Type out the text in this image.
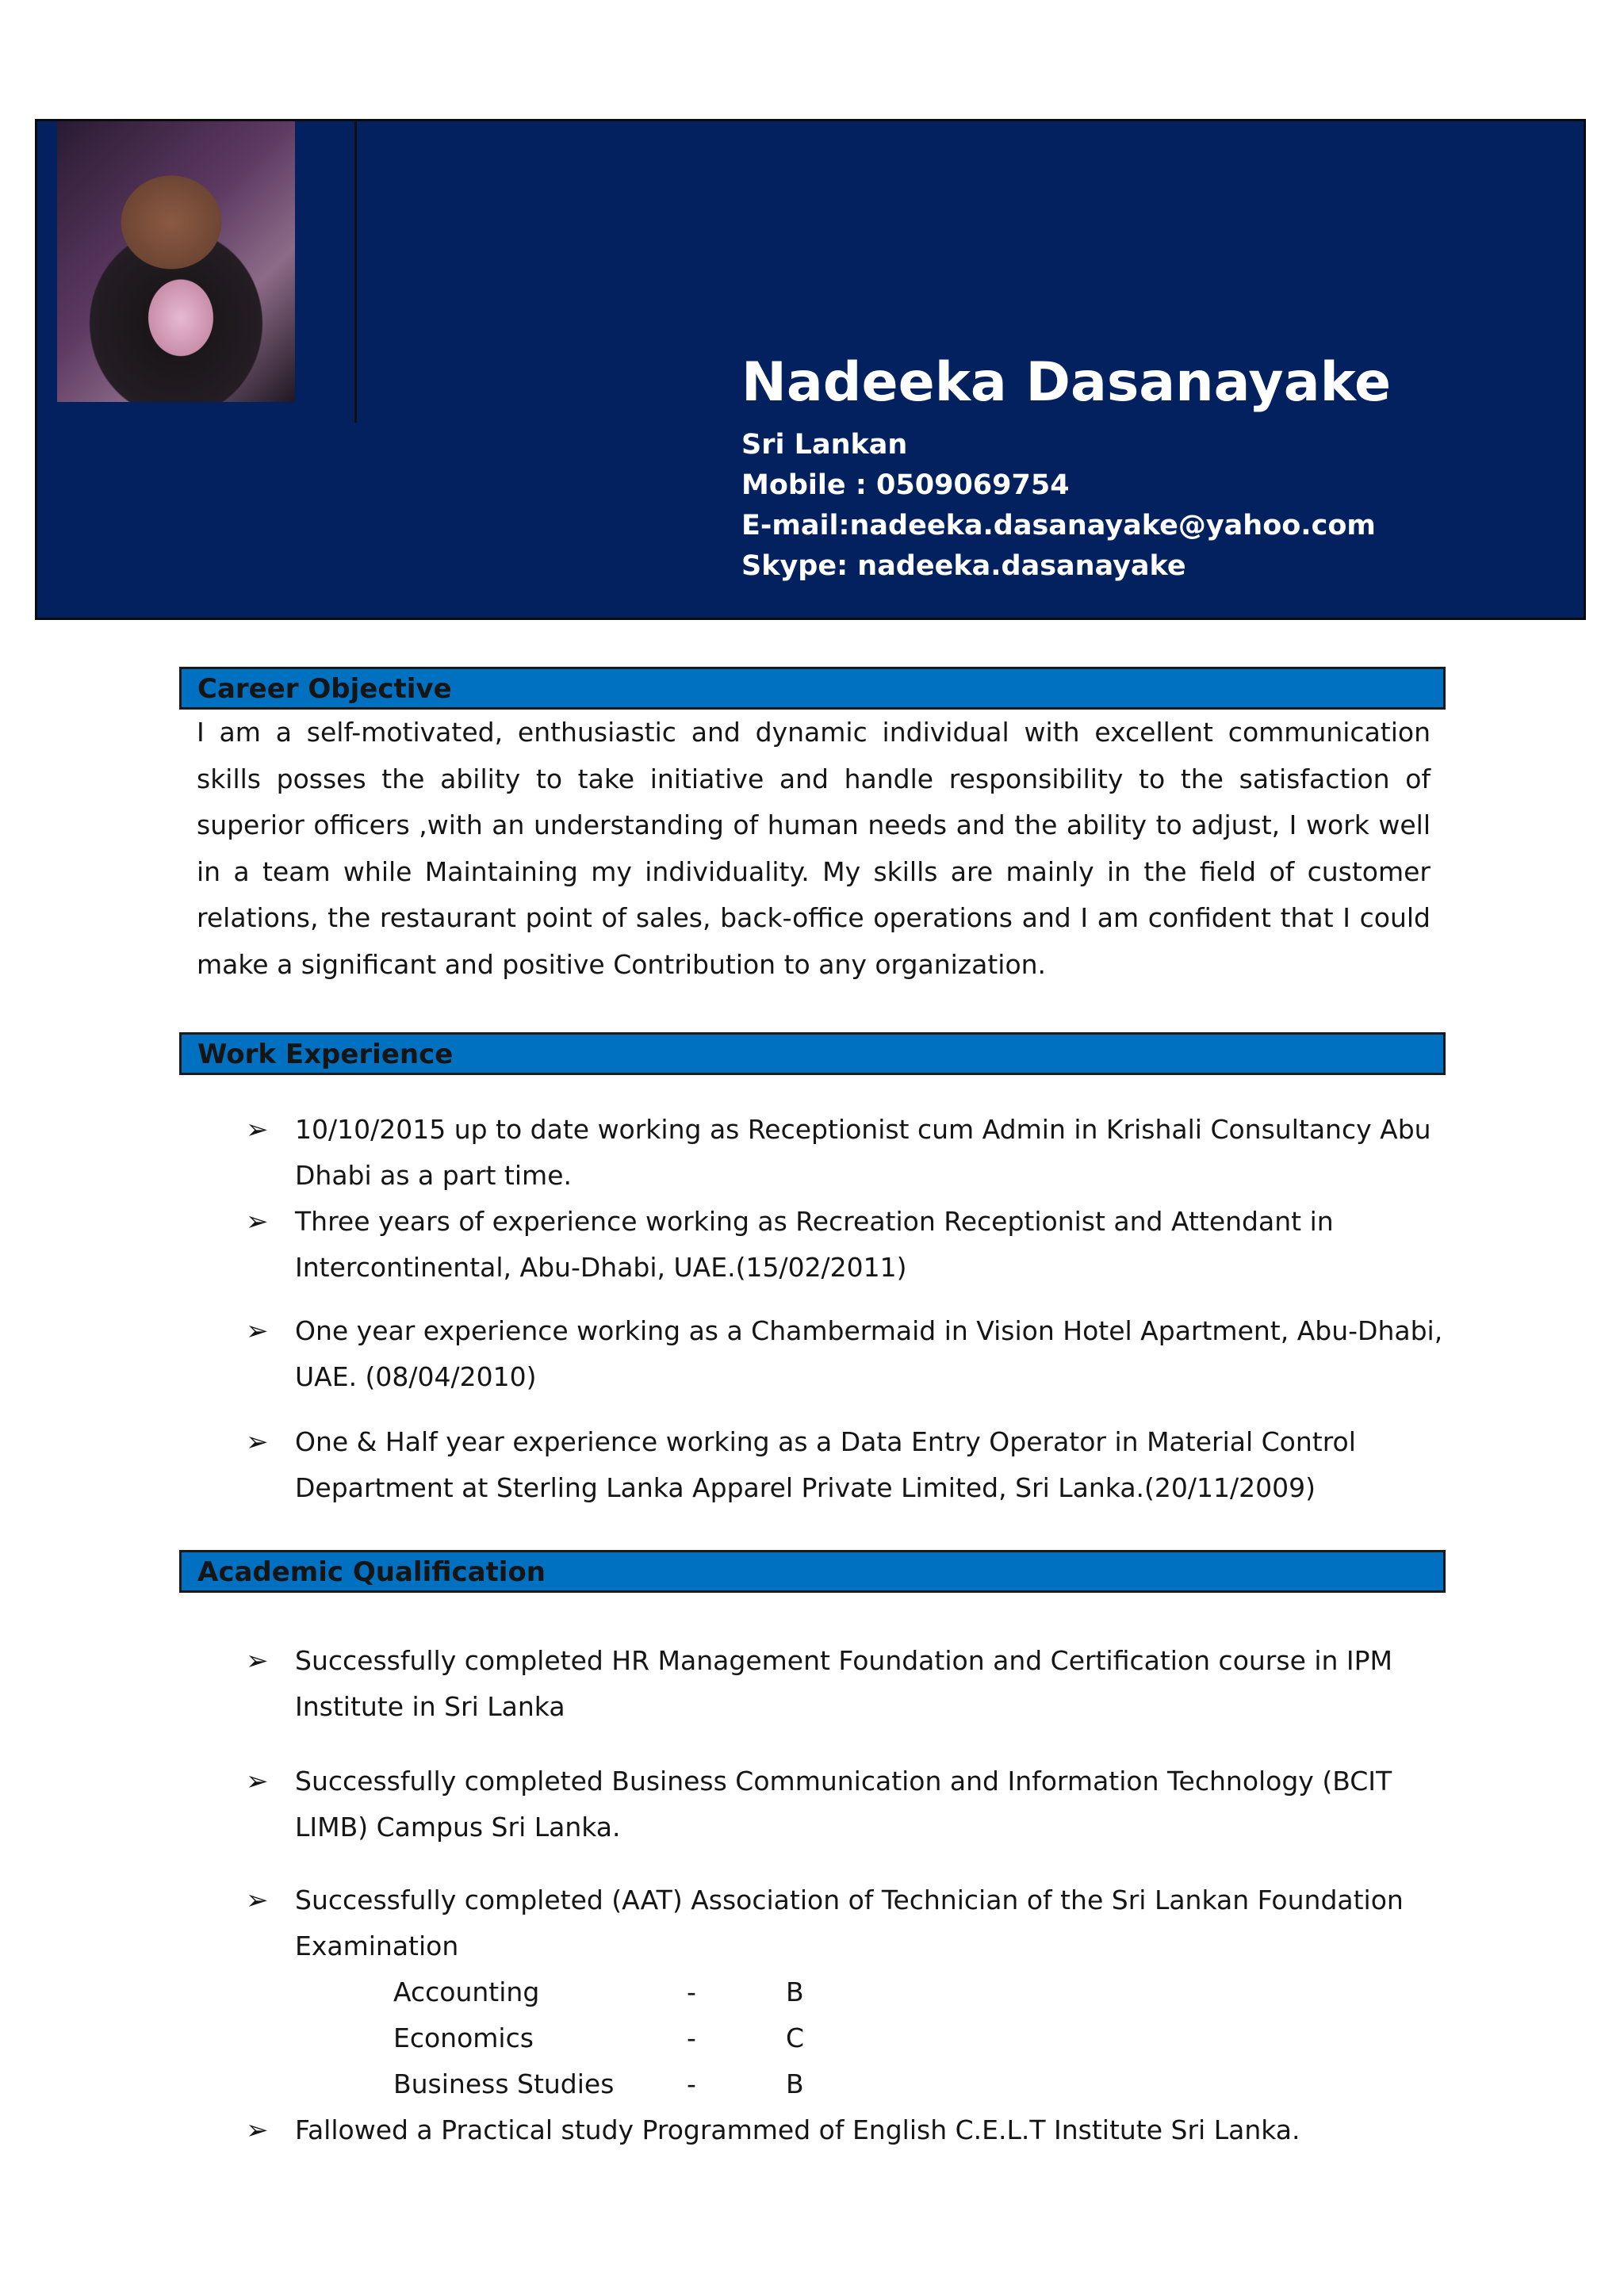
Nadeeka Dasanayake
Sri Lankan
Mobile : 0509069754
E-mail:nadeeka.dasanayake@yahoo.com
Skype: nadeeka.dasanayake
Career Objective
I am a self-motivated, enthusiastic and dynamic individual with excellent communication skills posses the ability to take initiative and handle responsibility to the satisfaction of superior officers ,with an understanding of human needs and the ability to adjust, I work well in a team while Maintaining my individuality. My skills are mainly in the field of customer relations, the restaurant point of sales, back-office operations and I am confident that I could make a significant and positive Contribution to any organization.
Work Experience
➢ 10/10/2015 up to date working as Receptionist cum Admin in Krishali Consultancy Abu Dhabi as a part time.
➢ Three years of experience working as Recreation Receptionist and Attendant in Intercontinental, Abu-Dhabi, UAE.(15/02/2011)
➢ One year experience working as a Chambermaid in Vision Hotel Apartment, Abu-Dhabi, UAE. (08/04/2010)
➢ One & Half year experience working as a Data Entry Operator in Material Control Department at Sterling Lanka Apparel Private Limited, Sri Lanka.(20/11/2009)
Academic Qualification
➢ Successfully completed HR Management Foundation and Certification course in IPM Institute in Sri Lanka
➢ Successfully completed Business Communication and Information Technology (BCIT LIMB) Campus Sri Lanka.
➢ Successfully completed (AAT) Association of Technician of the Sri Lankan Foundation Examination
Accounting	-	B
Economics	-	C
Business Studies	-	B
➢ Fallowed a Practical study Programmed of English C.E.L.T Institute Sri Lanka.
